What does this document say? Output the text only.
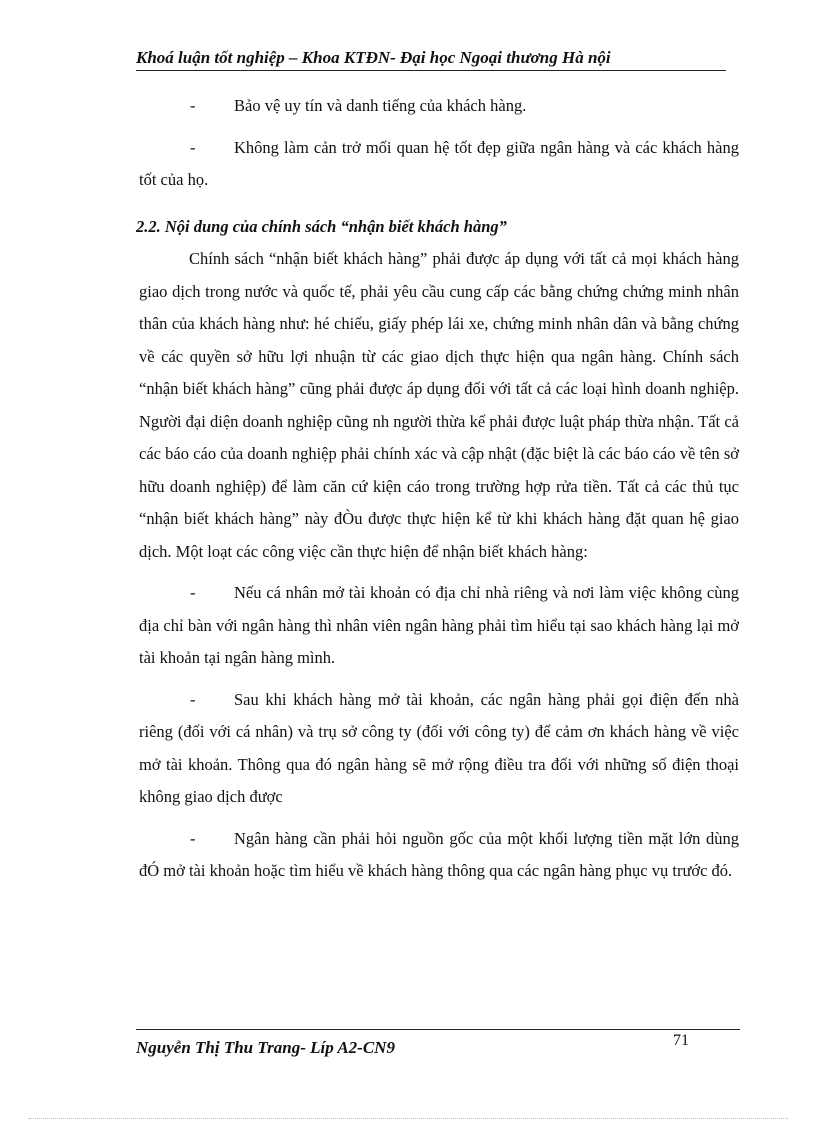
Khoá luận tốt nghiệp – Khoa KTĐN- Đại học Ngoại thương Hà nội

- Bảo vệ uy tín và danh tiếng của khách hàng.

- Không làm cản trở mối quan hệ tốt đẹp giữa ngân hàng và các khách hàng tốt của họ.

2.2. Nội dung của chính sách “nhận biết khách hàng”

Chính sách “nhận biết khách hàng” phải được áp dụng với tất cả mọi khách hàng giao dịch trong nước và quốc tế, phải yêu cầu cung cấp các bằng chứng chứng minh nhân thân của khách hàng như: hé chiếu, giấy phép lái xe, chứng minh nhân dân và bằng chứng về các quyền sở hữu lợi nhuận từ các giao dịch thực hiện qua ngân hàng. Chính sách “nhận biết khách hàng” cũng phải được áp dụng đối với tất cả các loại hình doanh nghiệp. Người đại diện doanh nghiệp cũng nh người thừa kế phải được luật pháp thừa nhận. Tất cả các báo cáo của doanh nghiệp phải chính xác và cập nhật (đặc biệt là các báo cáo về tên sở hữu doanh nghiệp) để làm căn cứ kiện cáo trong trường hợp rửa tiền. Tất cả các thủ tục “nhận biết khách hàng” này đÒu được thực hiện kể từ khi khách hàng đặt quan hệ giao dịch. Một loạt các công việc cần thực hiện để nhận biết khách hàng:

- Nếu cá nhân mở tài khoản có địa chỉ nhà riêng và nơi làm việc không cùng địa chỉ bàn với ngân hàng thì nhân viên ngân hàng phải tìm hiểu tại sao khách hàng lại mở tài khoản tại ngân hàng mình.

- Sau khi khách hàng mở tài khoản, các ngân hàng phải gọi điện đến nhà riêng (đối với cá nhân) và trụ sở công ty (đối với công ty) để cảm ơn khách hàng về việc mở tài khoản. Thông qua đó ngân hàng sẽ mở rộng điều tra đối với những số điện thoại không giao dịch được

- Ngân hàng cần phải hỏi nguồn gốc của một khối lượng tiền mặt lớn dùng đÓ mở tài khoản hoặc tìm hiểu về khách hàng thông qua các ngân hàng phục vụ trước đó.

Nguyễn Thị Thu Trang- Líp A2-CN9	71
